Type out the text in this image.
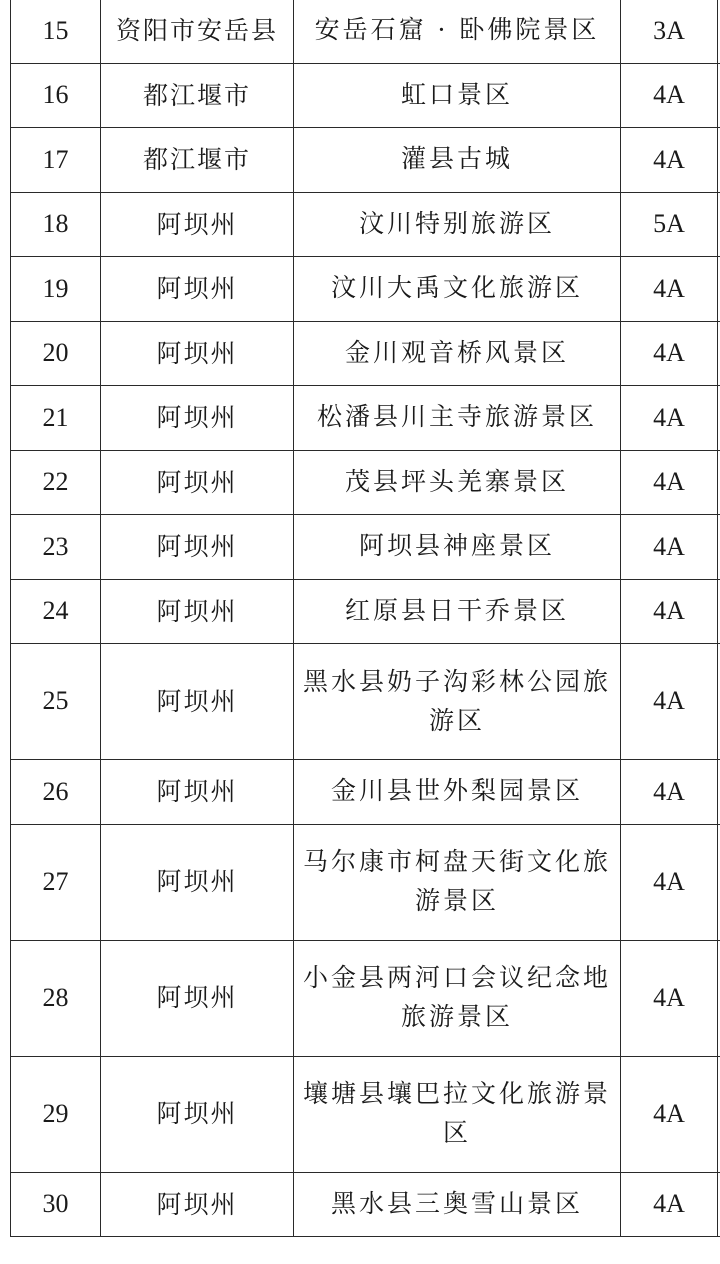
15	资阳市安岳县	安岳石窟 · 卧佛院景区	3A	
16	都江堰市	虹口景区	4A	
17	都江堰市	灌县古城	4A	
18	阿坝州	汶川特别旅游区	5A	
19	阿坝州	汶川大禹文化旅游区	4A	
20	阿坝州	金川观音桥风景区	4A	
21	阿坝州	松潘县川主寺旅游景区	4A	
22	阿坝州	茂县坪头羌寨景区	4A	
23	阿坝州	阿坝县神座景区	4A	
24	阿坝州	红原县日干乔景区	4A	
25	阿坝州	黑水县奶子沟彩林公园旅游区	4A	
26	阿坝州	金川县世外梨园景区	4A	
27	阿坝州	马尔康市柯盘天街文化旅游景区	4A	
28	阿坝州	小金县两河口会议纪念地旅游景区	4A	
29	阿坝州	壤塘县壤巴拉文化旅游景区	4A	
30	阿坝州	黑水县三奥雪山景区	4A	
